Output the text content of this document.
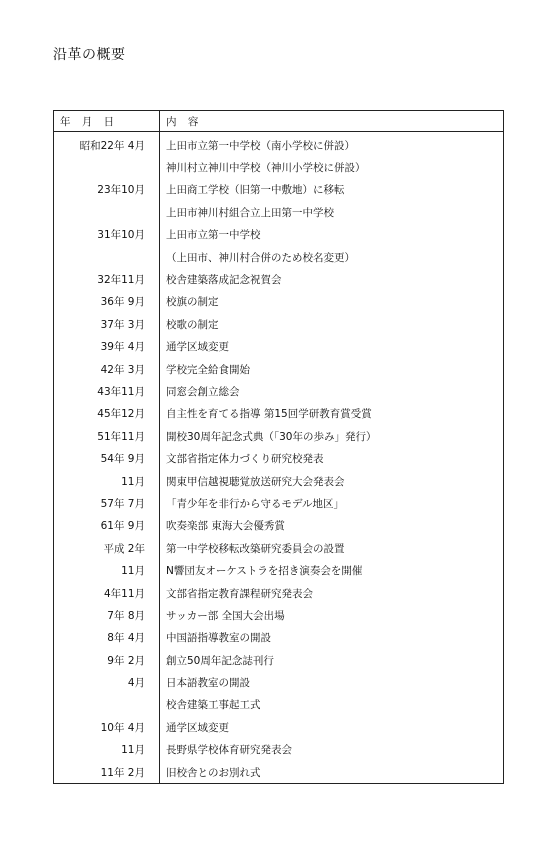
沿革の概要
年 月 日	内 容
昭和22年 4月	上田市立第一中学校（南小学校に併設）
	神川村立神川中学校（神川小学校に併設）
23年10月	上田商工学校（旧第一中敷地）に移転
	上田市神川村組合立上田第一中学校
31年10月	上田市立第一中学校
	（上田市、神川村合併のため校名変更）
32年11月	校舎建築落成記念祝賀会
36年 9月	校旗の制定
37年 3月	校歌の制定
39年 4月	通学区域変更
42年 3月	学校完全給食開始
43年11月	同窓会創立総会
45年12月	自主性を育てる指導 第15回学研教育賞受賞
51年11月	開校30周年記念式典（「30年の歩み」発行）
54年 9月	文部省指定体力づくり研究校発表
11月	関東甲信越視聴覚放送研究大会発表会
57年 7月	「青少年を非行から守るモデル地区」
61年 9月	吹奏楽部 東海大会優秀賞
平成 2年	第一中学校移転改築研究委員会の設置
11月	N響団友オーケストラを招き演奏会を開催
4年11月	文部省指定教育課程研究発表会
7年 8月	サッカー部 全国大会出場
8年 4月	中国語指導教室の開設
9年 2月	創立50周年記念誌刊行
4月	日本語教室の開設
	校舎建築工事起工式
10年 4月	通学区域変更
11月	長野県学校体育研究発表会
11年 2月	旧校舎とのお別れ式
